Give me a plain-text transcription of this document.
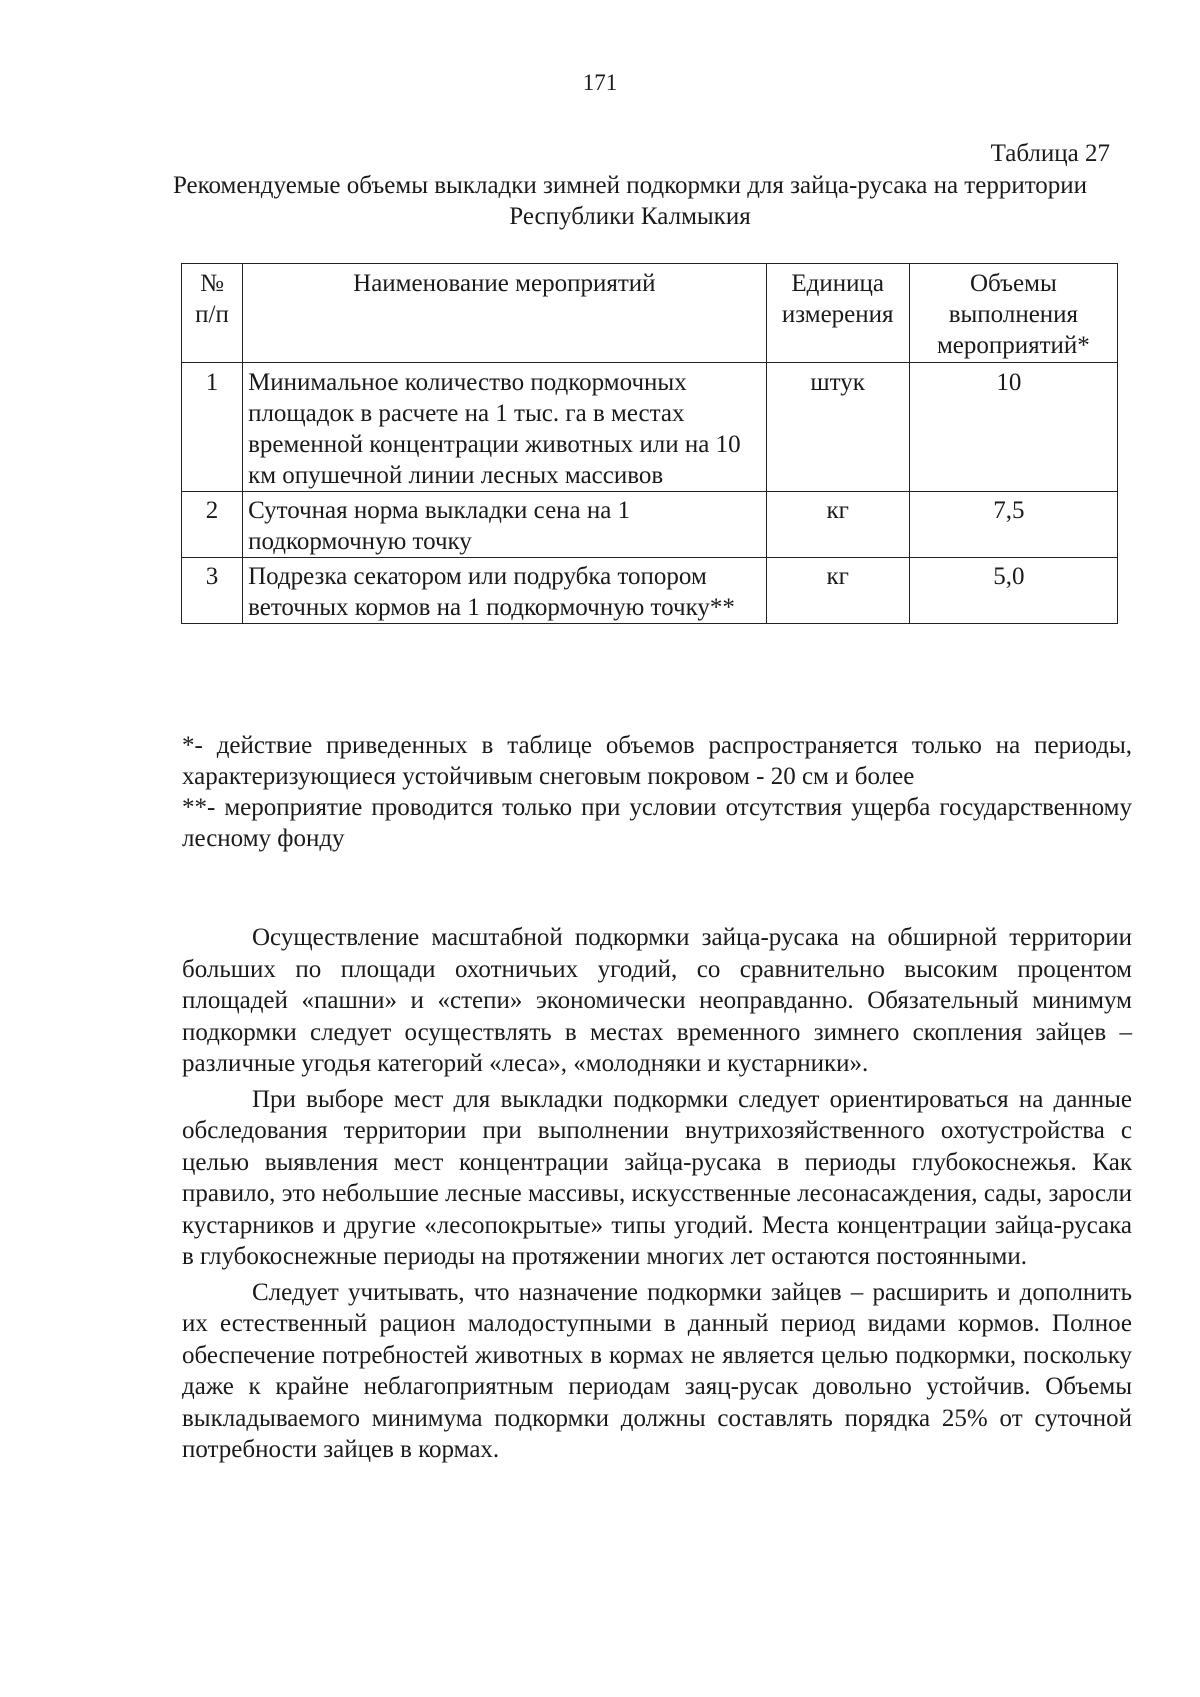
171
Таблица 27
Рекомендуемые объемы выкладки зимней подкормки для зайца-русака на территории Республики Калмыкия
№ п/п	Наименование мероприятий	Единица измерения	Объемы выполнения мероприятий*
1	Минимальное количество подкормочных площадок в расчете на 1 тыс. га в местах временной концентрации животных или на 10 км опушечной линии лесных массивов	штук	10
2	Суточная норма выкладки сена на 1 подкормочную точку	кг	7,5
3	Подрезка секатором или подрубка топором веточных кормов на 1 подкормочную точку**	кг	5,0

*- действие приведенных в таблице объемов распространяется только на периоды, характеризующиеся устойчивым снеговым покровом - 20 см и более

**- мероприятие проводится только при условии отсутствия ущерба государственному лесному фонду

Осуществление масштабной подкормки зайца-русака на обширной территории больших по площади охотничьих угодий, со сравнительно высоким процентом площадей «пашни» и «степи» экономически неоправданно. Обязательный минимум подкормки следует осуществлять в местах временного зимнего скопления зайцев – различные угодья категорий «леса», «молодняки и кустарники».

При выборе мест для выкладки подкормки следует ориентироваться на данные обследования территории при выполнении внутрихозяйственного охотустройства с целью выявления мест концентрации зайца-русака в периоды глубокоснежья. Как правило, это небольшие лесные массивы, искусственные лесонасаждения, сады, заросли кустарников и другие «лесопокрытые» типы угодий. Места концентрации зайца-русака в глубокоснежные периоды на протяжении многих лет остаются постоянными.

Следует учитывать, что назначение подкормки зайцев – расширить и дополнить их естественный рацион малодоступными в данный период видами кормов. Полное обеспечение потребностей животных в кормах не является целью подкормки, поскольку даже к крайне неблагоприятным периодам заяц-русак довольно устойчив. Объемы выкладываемого минимума подкормки должны составлять порядка 25% от суточной потребности зайцев в кормах.
